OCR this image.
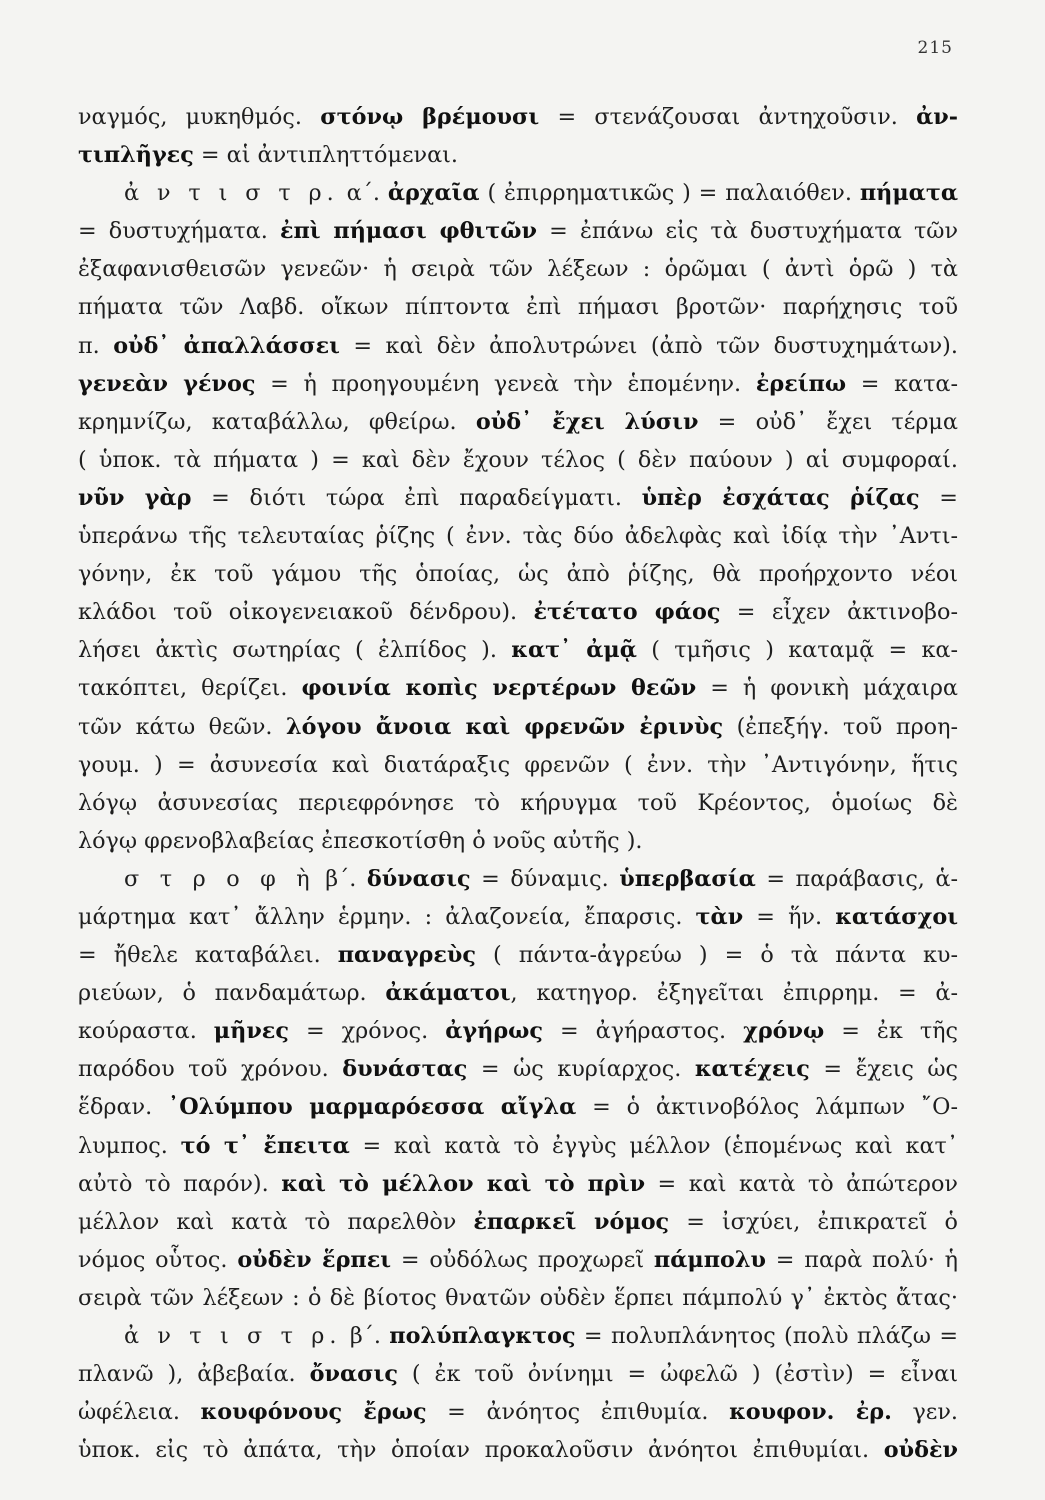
215
ναγμός, μυκηθμός. στόνῳ βρέμουσι = στενάζουσαι ἀντηχοῦσιν. ἀν-
τιπλῆγες = αἱ ἀντιπληττόμεναι.
ἀ ν τ ι σ τ ρ. α΄. ἀρχαῖα ( ἐπιρρηματικῶς ) = παλαιόθεν. πήματα
= δυστυχήματα. ἐπὶ πήμασι φθιτῶν = ἐπάνω εἰς τὰ δυστυχήματα τῶν
ἐξαφανισθεισῶν γενεῶν· ἡ σειρὰ τῶν λέξεων : ὁρῶμαι ( ἀντὶ ὁρῶ ) τὰ
πήματα τῶν Λαβδ. οἴκων πίπτοντα ἐπὶ πήμασι βροτῶν· παρήχησις τοῦ
π. οὐδ᾽ ἀπαλλάσσει = καὶ δὲν ἀπολυτρώνει (ἀπὸ τῶν δυστυχημάτων).
γενεὰν γένος = ἡ προηγουμένη γενεὰ τὴν ἑπομένην. ἐρείπω = κατα-
κρημνίζω, καταβάλλω, φθείρω. οὐδ᾽ ἔχει λύσιν = οὐδ᾽ ἔχει τέρμα
( ὑποκ. τὰ πήματα ) = καὶ δὲν ἔχουν τέλος ( δὲν παύουν ) αἱ συμφοραί.
νῦν γὰρ = διότι τώρα ἐπὶ παραδείγματι. ὑπὲρ ἐσχάτας ῥίζας =
ὑπεράνω τῆς τελευταίας ῥίζης ( ἐνν. τὰς δύο ἀδελφὰς καὶ ἰδίᾳ τὴν ᾿Αντι-
γόνην, ἐκ τοῦ γάμου τῆς ὁποίας, ὡς ἀπὸ ῥίζης, θὰ προήρχοντο νέοι
κλάδοι τοῦ οἰκογενειακοῦ δένδρου). ἐτέτατο φάος = εἶχεν ἀκτινοβο-
λήσει ἀκτὶς σωτηρίας ( ἐλπίδος ). κατ᾽ ἀμᾷ ( τμῆσις ) καταμᾷ = κα-
τακόπτει, θερίζει. φοινία κοπὶς νερτέρων θεῶν = ἡ φονικὴ μάχαιρα
τῶν κάτω θεῶν. λόγου ἄνοια καὶ φρενῶν ἐρινὺς (ἐπεξήγ. τοῦ προη-
γουμ. ) = ἀσυνεσία καὶ διατάραξις φρενῶν ( ἐνν. τὴν ᾿Αντιγόνην, ἥτις
λόγῳ ἀσυνεσίας περιεφρόνησε τὸ κήρυγμα τοῦ Κρέοντος, ὁμοίως δὲ
λόγῳ φρενοβλαβείας ἐπεσκοτίσθη ὁ νοῦς αὐτῆς ).
σ τ ρ ο φ ὴ β΄. δύνασις = δύναμις. ὑπερβασία = παράβασις, ἁ-
μάρτημα κατ᾽ ἄλλην ἑρμην. : ἀλαζονεία, ἔπαρσις. τὰν = ἥν. κατάσχοι
= ἤθελε καταβάλει. παναγρεὺς ( πάντα-ἀγρεύω ) = ὁ τὰ πάντα κυ-
ριεύων, ὁ πανδαμάτωρ. ἀκάματοι, κατηγορ. ἐξηγεῖται ἐπιρρημ. = ἀ-
κούραστα. μῆνες = χρόνος. ἀγήρως = ἀγήραστος. χρόνῳ = ἐκ τῆς
παρόδου τοῦ χρόνου. δυνάστας = ὡς κυρίαρχος. κατέχεις = ἔχεις ὡς
ἕδραν. ᾿Ολύμπου μαρμαρόεσσα αἴγλα = ὁ ἀκτινοβόλος λάμπων ῎Ο-
λυμπος. τό τ᾽ ἔπειτα = καὶ κατὰ τὸ ἐγγὺς μέλλον (ἑπομένως καὶ κατ᾽
αὐτὸ τὸ παρόν). καὶ τὸ μέλλον καὶ τὸ πρὶν = καὶ κατὰ τὸ ἀπώτερον
μέλλον καὶ κατὰ τὸ παρελθὸν ἐπαρκεῖ νόμος = ἰσχύει, ἐπικρατεῖ ὁ
νόμος οὗτος. οὐδὲν ἕρπει = οὐδόλως προχωρεῖ πάμπολυ = παρὰ πολύ· ἡ
σειρὰ τῶν λέξεων : ὁ δὲ βίοτος θνατῶν οὐδὲν ἕρπει πάμπολύ γ᾽ ἐκτὸς ἄτας·
ἀ ν τ ι σ τ ρ. β΄. πολύπλαγκτος = πολυπλάνητος (πολὺ πλάζω =
πλανῶ ), ἀβεβαία. ὄνασις ( ἐκ τοῦ ὀνίνημι = ὠφελῶ ) (ἐστὶν) = εἶναι
ὠφέλεια. κουφόνους ἔρως = ἀνόητος ἐπιθυμία. κουφον. ἐρ. γεν.
ὑποκ. εἰς τὸ ἀπάτα, τὴν ὁποίαν προκαλοῦσιν ἀνόητοι ἐπιθυμίαι. οὐδὲν
